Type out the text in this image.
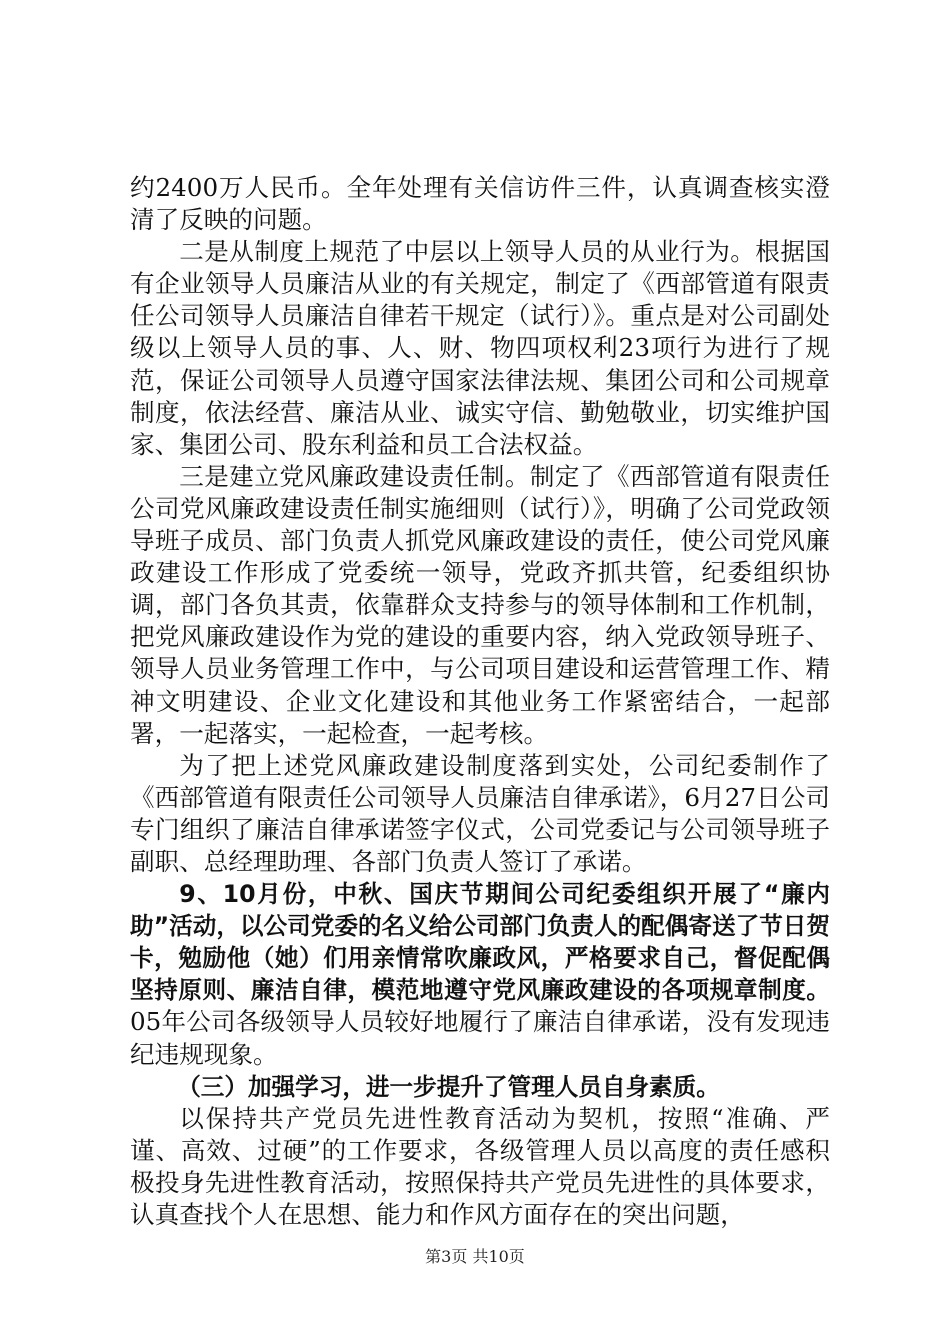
约2400万人民币。全年处理有关信访件三件，认真调查核实澄清了反映的问题。

二是从制度上规范了中层以上领导人员的从业行为。根据国有企业领导人员廉洁从业的有关规定，制定了《西部管道有限责任公司领导人员廉洁自律若干规定（试行）》。重点是对公司副处级以上领导人员的事、人、财、物四项权利23项行为进行了规范，保证公司领导人员遵守国家法律法规、集团公司和公司规章制度，依法经营、廉洁从业、诚实守信、勤勉敬业，切实维护国家、集团公司、股东利益和员工合法权益。

三是建立党风廉政建设责任制。制定了《西部管道有限责任公司党风廉政建设责任制实施细则（试行）》，明确了公司党政领导班子成员、部门负责人抓党风廉政建设的责任，使公司党风廉政建设工作形成了党委统一领导，党政齐抓共管，纪委组织协调，部门各负其责，依靠群众支持参与的领导体制和工作机制，把党风廉政建设作为党的建设的重要内容，纳入党政领导班子、领导人员业务管理工作中，与公司项目建设和运营管理工作、精神文明建设、企业文化建设和其他业务工作紧密结合，一起部署，一起落实，一起检查，一起考核。

为了把上述党风廉政建设制度落到实处，公司纪委制作了《西部管道有限责任公司领导人员廉洁自律承诺》，6月27日公司专门组织了廉洁自律承诺签字仪式，公司党委记与公司领导班子副职、总经理助理、各部门负责人签订了承诺。

9、10月份，中秋、国庆节期间公司纪委组织开展了“廉内助”活动，以公司党委的名义给公司部门负责人的配偶寄送了节日贺卡，勉励他（她）们用亲情常吹廉政风，严格要求自己，督促配偶坚持原则、廉洁自律，模范地遵守党风廉政建设的各项规章制度。05年公司各级领导人员较好地履行了廉洁自律承诺，没有发现违纪违规现象。

（三）加强学习，进一步提升了管理人员自身素质。

以保持共产党员先进性教育活动为契机，按照“准确、严谨、高效、过硬”的工作要求，各级管理人员以高度的责任感积极投身先进性教育活动，按照保持共产党员先进性的具体要求，认真查找个人在思想、能力和作风方面存在的突出问题，

第3页 共10页
